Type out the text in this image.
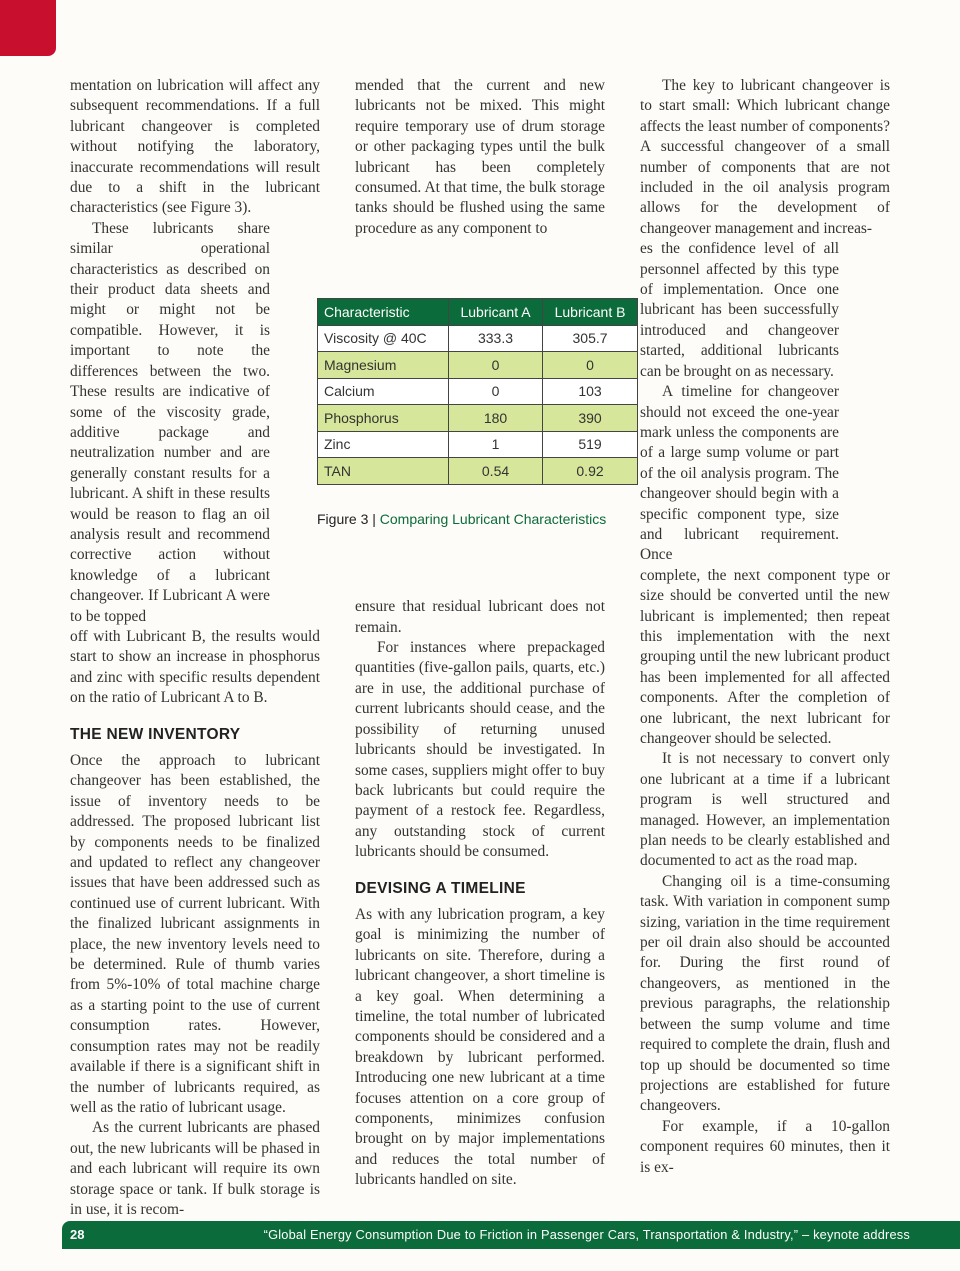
mentation on lubrication will affect any subsequent recommendations. If a full lubricant changeover is completed without notifying the laboratory, inaccurate recommendations will result due to a shift in the lubricant characteristics (see Figure 3).

These lubricants share similar operational characteristics as described on their product data sheets and might or might not be compatible. However, it is important to note the differences between the two. These results are indicative of some of the viscosity grade, additive package and neutralization number and are generally constant results for a lubricant. A shift in these results would be reason to flag an oil analysis result and recommend corrective action without knowledge of a lubricant changeover. If Lubricant A were to be topped

off with Lubricant B, the results would start to show an increase in phosphorus and zinc with specific results dependent on the ratio of Lubricant A to B.

THE NEW INVENTORY

Once the approach to lubricant changeover has been established, the issue of inventory needs to be addressed. The proposed lubricant list by components needs to be finalized and updated to reflect any changeover issues that have been addressed such as continued use of current lubricant. With the finalized lubricant assignments in place, the new inventory levels need to be determined. Rule of thumb varies from 5%-10% of total machine charge as a starting point to the use of current consumption rates. However, consumption rates may not be readily available if there is a significant shift in the number of lubricants required, as well as the ratio of lubricant usage.

As the current lubricants are phased out, the new lubricants will be phased in and each lubricant will require its own storage space or tank. If bulk storage is in use, it is recom-

mended that the current and new lubricants not be mixed. This might require temporary use of drum storage or other packaging types until the bulk lubricant has been completely consumed. At that time, the bulk storage tanks should be flushed using the same procedure as any component to

ensure that residual lubricant does not remain.

For instances where prepackaged quantities (five-gallon pails, quarts, etc.) are in use, the additional purchase of current lubricants should cease, and the possibility of returning unused lubricants should be investigated. In some cases, suppliers might offer to buy back lubricants but could require the payment of a restock fee. Regardless, any outstanding stock of current lubricants should be consumed.

DEVISING A TIMELINE

As with any lubrication program, a key goal is minimizing the number of lubricants on site. Therefore, during a lubricant changeover, a short timeline is a key goal. When determining a timeline, the total number of lubricated components should be considered and a breakdown by lubricant performed. Introducing one new lubricant at a time focuses attention on a core group of components, minimizes confusion brought on by major implementations and reduces the total number of lubricants handled on site.

The key to lubricant changeover is to start small: Which lubricant change affects the least number of components? A successful changeover of a small number of components that are not included in the oil analysis program allows for the development of changeover management and increas-

es the confidence level of all personnel affected by this type of implementation. Once one lubricant has been successfully introduced and changeover started, additional lubricants can be brought on as necessary.

A timeline for changeover should not exceed the one-year mark unless the components are of a large sump volume or part of the oil analysis program. The changeover should begin with a specific component type, size and lubricant requirement. Once

complete, the next component type or size should be converted until the new lubricant is implemented; then repeat this implementation with the next grouping until the new lubricant product has been implemented for all affected components. After the completion of one lubricant, the next lubricant for changeover should be selected.

It is not necessary to convert only one lubricant at a time if a lubricant program is well structured and managed. However, an implementation plan needs to be clearly established and documented to act as the road map.

Changing oil is a time-consuming task. With variation in component sump sizing, variation in the time requirement per oil drain also should be accounted for. During the first round of changeovers, as mentioned in the previous paragraphs, the relationship between the sump volume and time required to complete the drain, flush and top up should be documented so time projections are established for future changeovers.

For example, if a 10-gallon component requires 60 minutes, then it is ex-

Characteristic	Lubricant A	Lubricant B
Viscosity @ 40C	333.3	305.7
Magnesium	0	0
Calcium	0	103
Phosphorus	180	390
Zinc	1	519
TAN	0.54	0.92
Figure 3 | Comparing Lubricant Characteristics
28	“Global Energy Consumption Due to Friction in Passenger Cars, Transportation & Industry,” – keynote address
